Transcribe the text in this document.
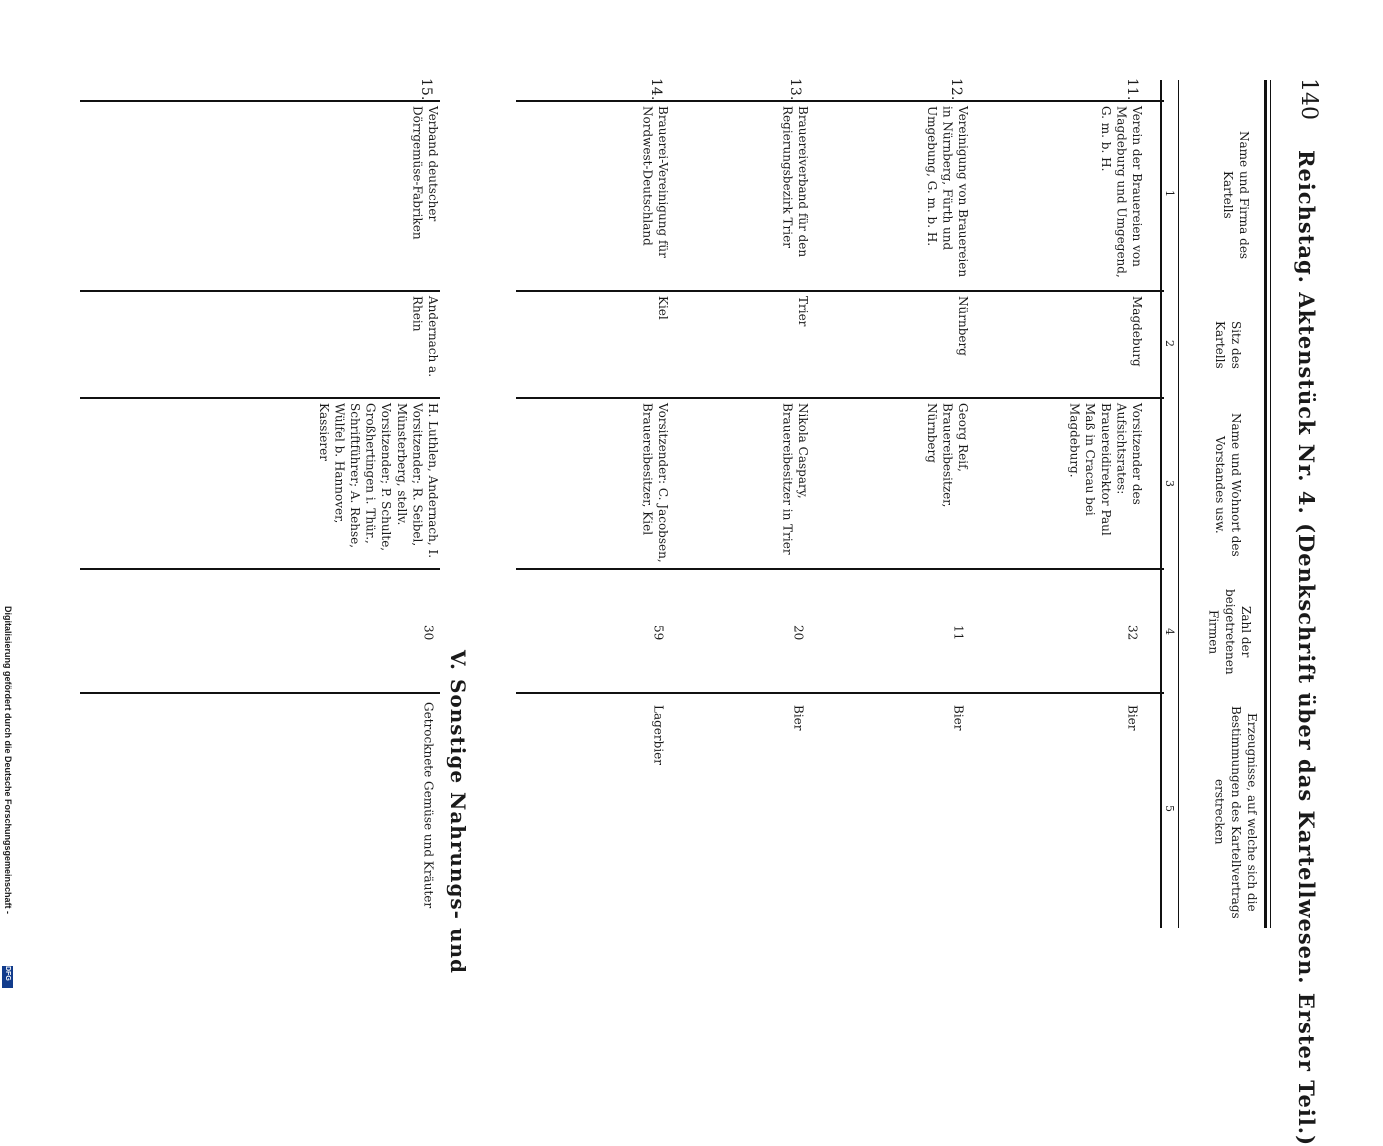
140
Reichstag. Aktenstück Nr. 4. (Denkschrift über das Kartellwesen. Erster Teil.)
Name und Firma des Kartells
Sitz des Kartells
Name und Wohnort des Vorstandes usw.
Zahl der beigetretenen Firmen
Erzeugnisse, auf welche sich die Bestimmungen des Kartellvertrags erstrecken
1
2
3
4
5
11.
Verein der Brauereien von Magdeburg und Umgegend, G. m. b. H.
Magdeburg
Vorsitzender des Aufsichtsrates: Brauereidirektor Paul Maß in Cracau bei Magdeburg.
32
Bier
12.
Vereinigung von Brauereien in Nürnberg, Fürth und Umgebung, G. m. b. H.
Nürnberg
Georg Reif, Brauereibesitzer, Nürnberg
11
Bier
13.
Brauereiverband für den Regierungsbezirk Trier
Trier
Nikola Caspary, Brauereibesitzer in Trier
20
Bier
14.
Brauerei-Vereinigung für Nordwest-Deutschland
Kiel
Vorsitzender: C. Jacobsen, Brauereibesitzer, Kiel
59
Lagerbier
V. Sonstige Nahrungs- und
15.
Verband deutscher Dörrgemüse-Fabriken
Andernach a. Rhein
H. Luthlen, Andernach, I. Vorsitzender; R. Seibel, Münsterberg, stellv. Vorsitzender; P. Schulte, Großhertingen i. Thür., Schriftführer; A. Rehse, Wülfel b. Hannover, Kassierer
30
Getrocknete Gemüse und Kräuter
Digitalisierung gefördert durch die Deutsche Forschungsgemeinschaft -
DFG
